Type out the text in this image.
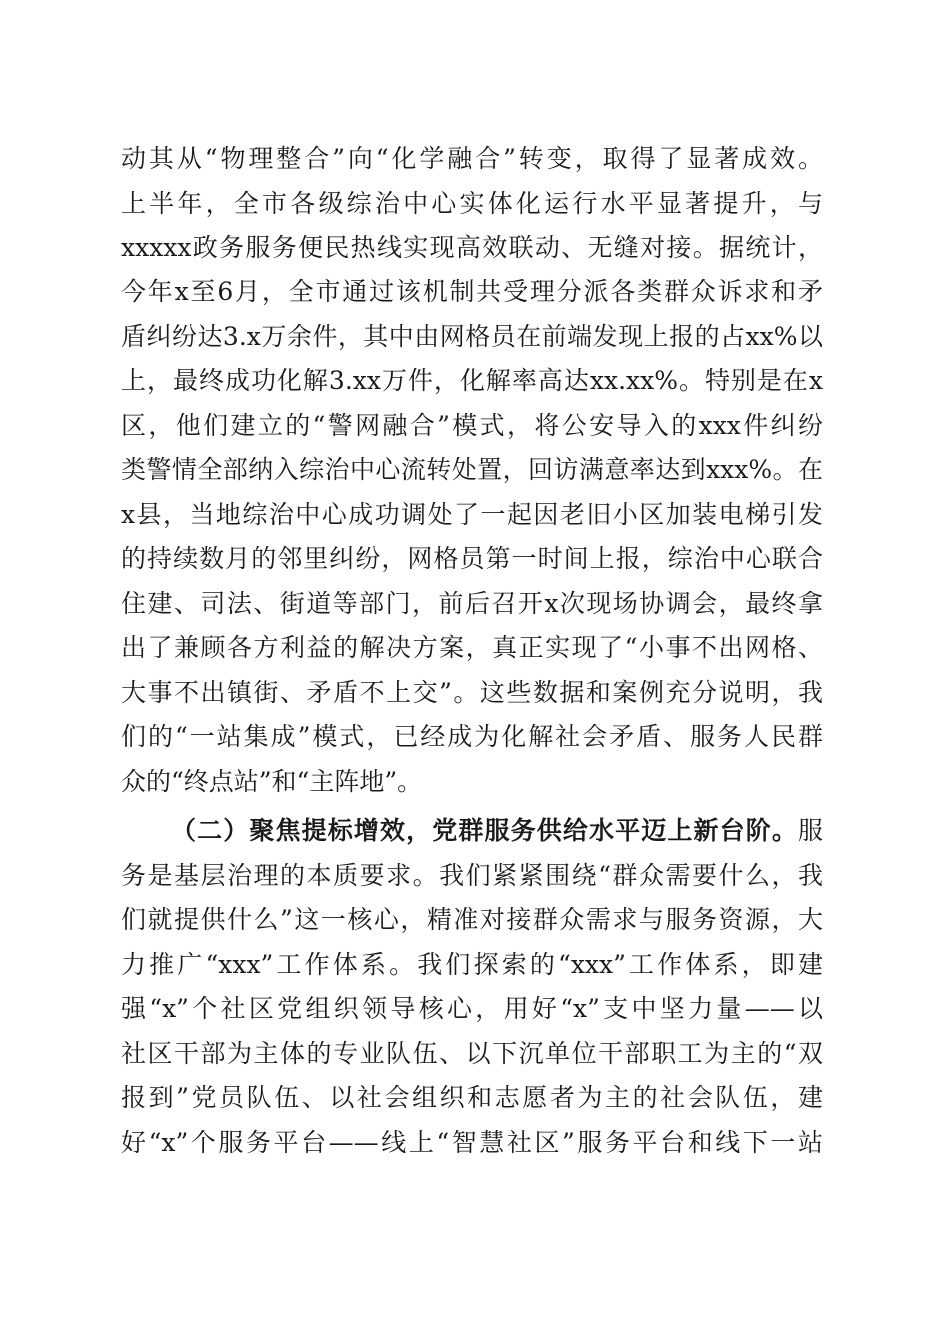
动其从“物理整合”向“化学融合”转变，取得了显著成效。
上半年，全市各级综治中心实体化运行水平显著提升，与
xxxxx政务服务便民热线实现高效联动、无缝对接。据统计，
今年x至6月，全市通过该机制共受理分派各类群众诉求和矛
盾纠纷达3.x万余件，其中由网格员在前端发现上报的占xx%以
上，最终成功化解3.xx万件，化解率高达xx.xx%。特别是在x
区，他们建立的“警网融合”模式，将公安导入的xxx件纠纷
类警情全部纳入综治中心流转处置，回访满意率达到xxx%。在
x县，当地综治中心成功调处了一起因老旧小区加装电梯引发
的持续数月的邻里纠纷，网格员第一时间上报，综治中心联合
住建、司法、街道等部门，前后召开x次现场协调会，最终拿
出了兼顾各方利益的解决方案，真正实现了“小事不出网格、
大事不出镇街、矛盾不上交”。这些数据和案例充分说明，我
们的“一站集成”模式，已经成为化解社会矛盾、服务人民群
众的“终点站”和“主阵地”。
（二）聚焦提标增效，党群服务供给水平迈上新台阶。服
务是基层治理的本质要求。我们紧紧围绕“群众需要什么，我
们就提供什么”这一核心，精准对接群众需求与服务资源，大
力推广“xxx”工作体系。我们探索的“xxx”工作体系，即建
强“x”个社区党组织领导核心，用好“x”支中坚力量——以
社区干部为主体的专业队伍、以下沉单位干部职工为主的“双
报到”党员队伍、以社会组织和志愿者为主的社会队伍，建
好“x”个服务平台——线上“智慧社区”服务平台和线下一站
